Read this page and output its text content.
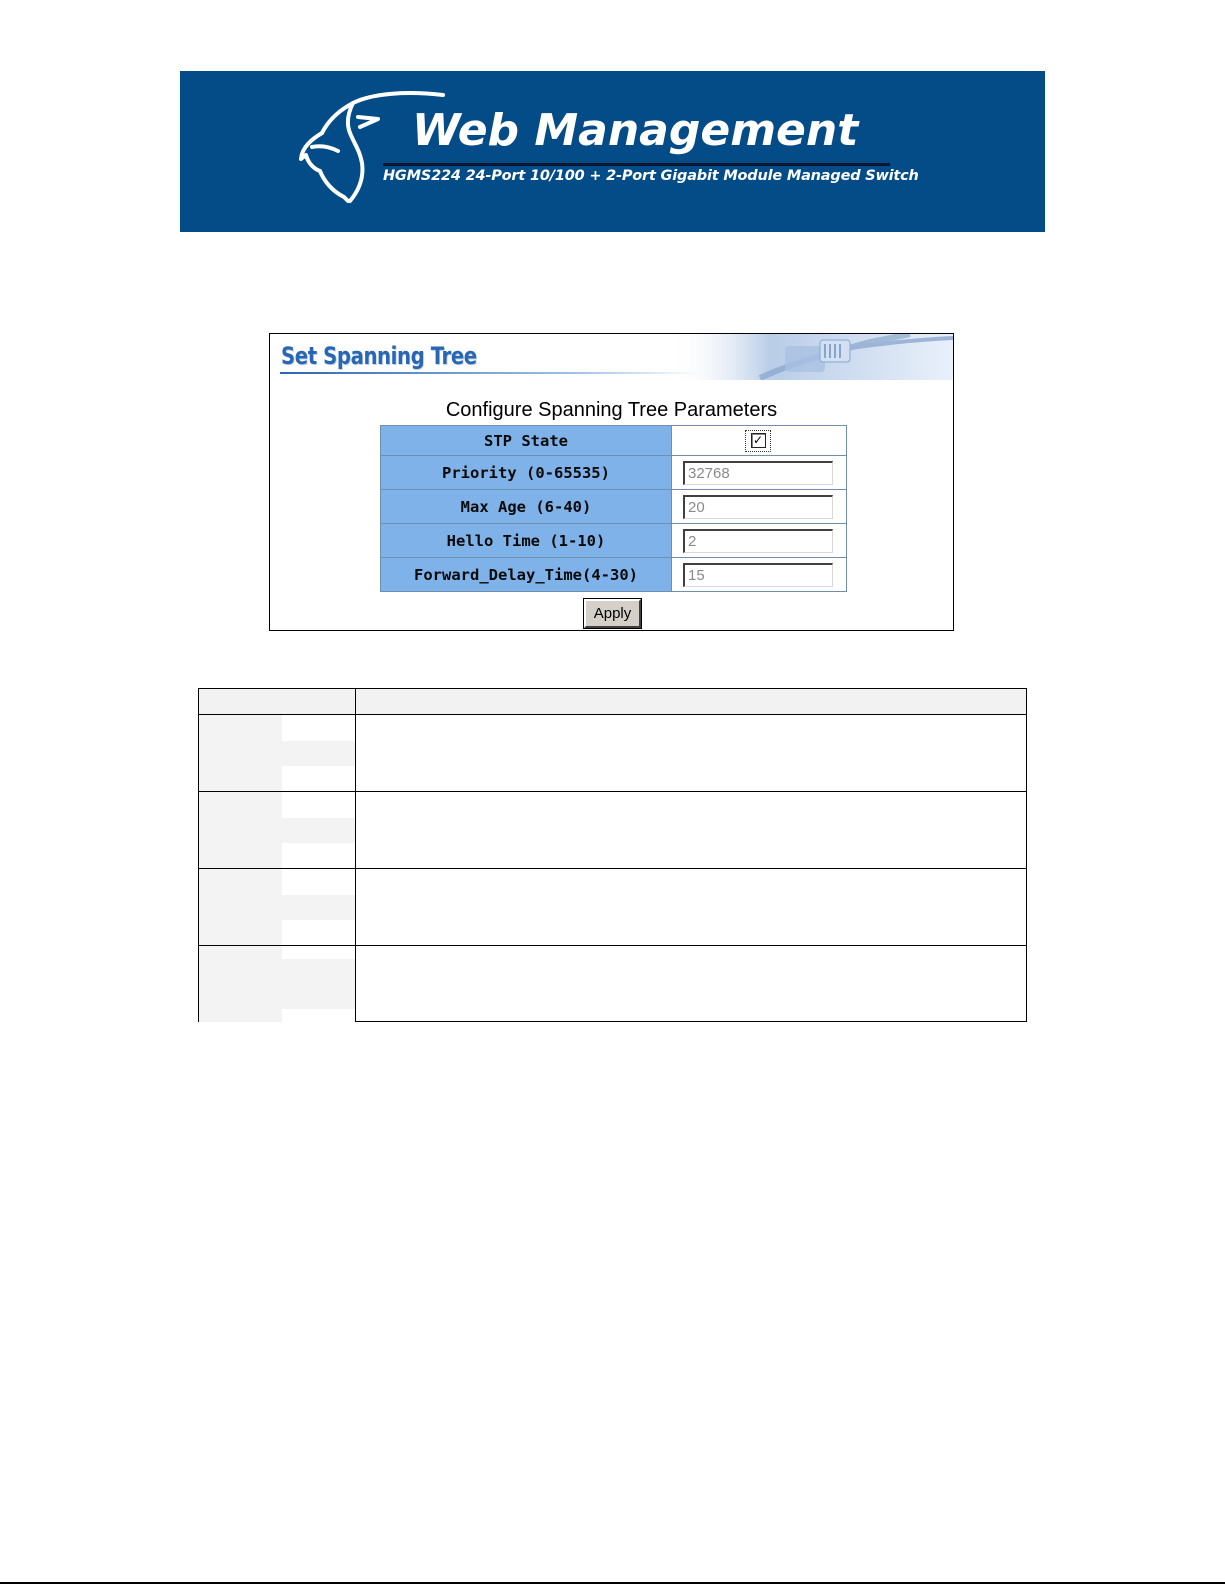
Web Management
HGMS224 24-Port 10/100 + 2-Port Gigabit Module Managed Switch
Set Spanning Tree
Configure Spanning Tree Parameters
STP State	✓

Priority (0-65535)	32768
Max Age (6-40)	20
Hello Time (1-10)	2
Forward_Delay_Time(4-30)	15
Apply
